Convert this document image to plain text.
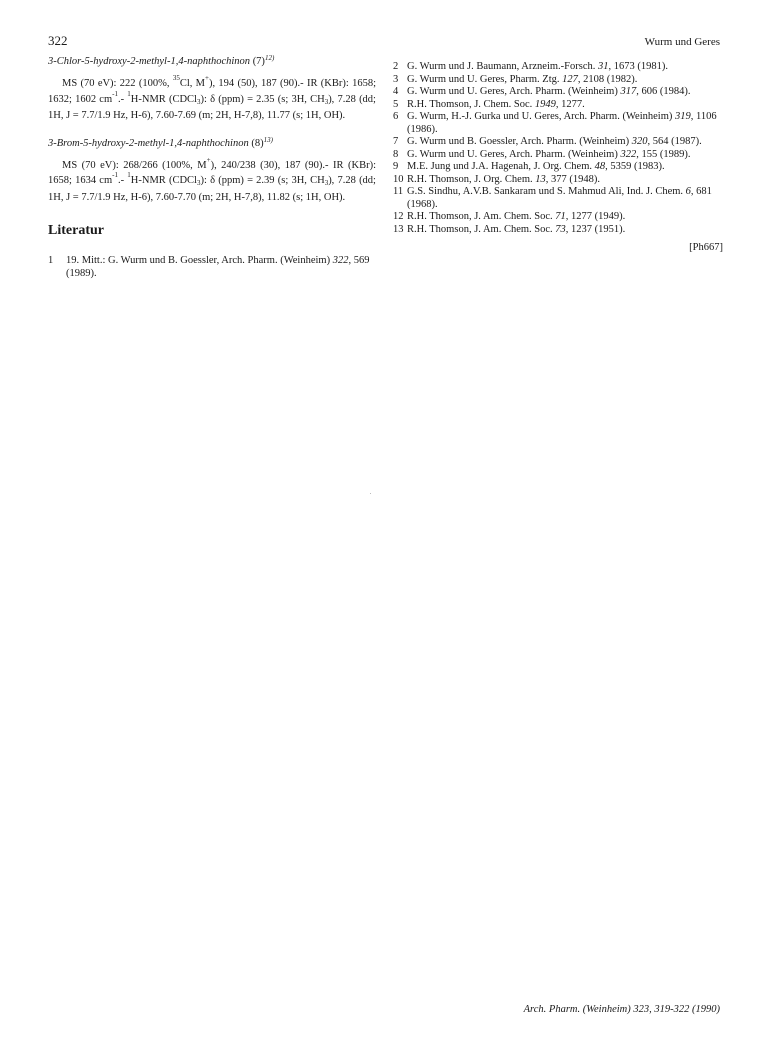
322	Wurm und Geres

3-Chlor-5-hydroxy-2-methyl-1,4-naphthochinon $(7)^{12)}$

MS (70 eV): 222 (100%, $^{35}$Cl, M+), 194 (50), 187 (90).- IR (KBr): 1658; 1632; 1602 $cm^{-1}.-$ $^1$H-NMR (CDCl$_3$): δ (ppm) = 2.35 (s; 3H, $CH_3$), 7.28 (dd; 1H, J = 7.7/1.9 Hz, H-6), 7.60-7.69 (m; 2H, H-7,8), 11.77 (s; 1H, OH).

3-Brom-5-hydroxy-2-methyl-1,4-naphthochinon $(8)^{13)}$

MS (70 eV): 268/266 (100%, M+), 240/238 (30), 187 (90).- IR (KBr): 1658; 1634 $cm^{-1}.-$ $^1$H-NMR (CDCl$_3$): δ (ppm) = 2.39 (s; 3H, $CH_3$), 7.28 (dd; 1H, J = 7.7/1.9 Hz, H-6), 7.60-7.70 (m; 2H, H-7,8), 11.82 (s; 1H, OH).

Literatur
1	19. Mitt.: G. Wurm und B. Goessler, Arch. Pharm. (Weinheim) 322, 569 (1989).
2 G. Wurm und J. Baumann, Arzneim.-Forsch. 31, 1673 (1981).
3 G. Wurm und U. Geres, Pharm. Ztg. 127, 2108 (1982).
4 G. Wurm und U. Geres, Arch. Pharm. (Weinheim) 317, 606 (1984).
5 R.H. Thomson, J. Chem. Soc. 1949, 1277.
6 G. Wurm, H.-J. Gurka und U. Geres, Arch. Pharm. (Weinheim) 319, 1106 (1986).
7 G. Wurm und B. Goessler, Arch. Pharm. (Weinheim) 320, 564 (1987).
8 G. Wurm und U. Geres, Arch. Pharm. (Weinheim) 322, 155 (1989).
9 M.E. Jung und J.A. Hagenah, J. Org. Chem. 48, 5359 (1983).
10 R.H. Thomson, J. Org. Chem. 13, 377 (1948).
11 G.S. Sindhu, A.V.B. Sankaram und S. Mahmud Ali, Ind. J. Chem. 6, 681 (1968).
12 R.H. Thomson, J. Am. Chem. Soc. 71, 1277 (1949).
13 R.H. Thomson, J. Am. Chem. Soc. 73, 1237 (1951).
[Ph667]
Arch. Pharm. (Weinheim) 323, 319-322 (1990)
